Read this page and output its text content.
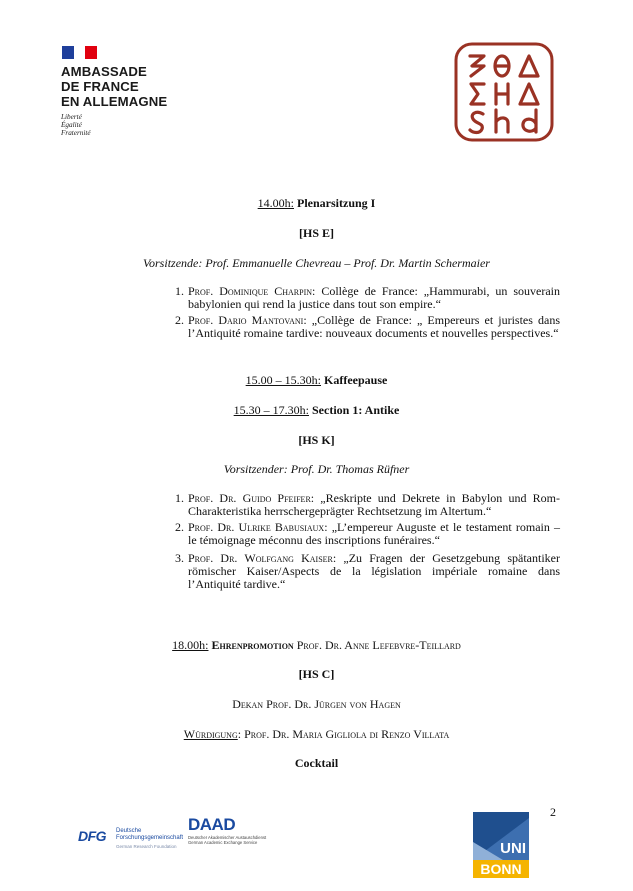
AMBASSADE
DE FRANCE
EN ALLEMAGNE
Liberté
Égalité
Fraternité
14.00h: Plenarsitzung I
[HS E]
Vorsitzende: Prof. Emmanuelle Chevreau – Prof. Dr. Martin Schermaier
1. Prof. Dominique Charpin: Collège de France: „Hammurabi, un souverain babylonien qui rend la justice dans tout son empire.“
2. Prof. Dario Mantovani: „Collège de France: „ Empereurs et juristes dans l’Antiquité romaine tardive: nouveaux documents et nouvelles perspectives.“
15.00 – 15.30h: Kaffeepause
15.30 – 17.30h: Section 1: Antike
[HS K]
Vorsitzender: Prof. Dr. Thomas Rüfner
1. Prof. Dr. Guido Pfeifer: „Reskripte und Dekrete in Babylon und Rom-Charakteristika herrschergeprägter Rechtsetzung im Altertum.“
2. Prof. Dr. Ulrike Babusiaux: „L’empereur Auguste et le testament romain – le témoignage méconnu des inscriptions funéraires.“
3. Prof. Dr. Wolfgang Kaiser: „Zu Fragen der Gesetzgebung spätantiker römischer Kaiser/Aspects de la législation impériale romaine dans l’Antiquité tardive.“
18.00h: Ehrenpromotion Prof. Dr. Anne Lefebvre-Teillard
[HS C]
Dekan Prof. Dr. Jürgen von Hagen
Würdigung: Prof. Dr. Maria Gigliola di Renzo Villata
Cocktail
2
DFG Deutsche
Forschungsgemeinschaft
German Research Foundation
DAAD
Deutscher Akademischer Austauschdienst
German Academic Exchange Service	UNI
BONN
